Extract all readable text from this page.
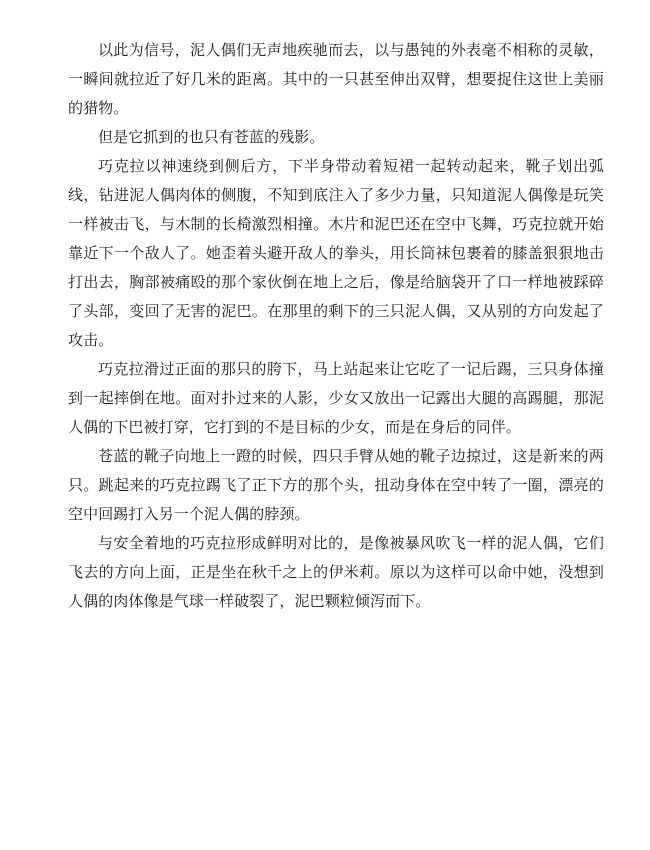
以此为信号，泥人偶们无声地疾驰而去，以与愚钝的外表毫不相称的灵敏，一瞬间就拉近了好几米的距离。其中的一只甚至伸出双臂，想要捉住这世上美丽的猎物。

但是它抓到的也只有苍蓝的残影。

巧克拉以神速绕到侧后方，下半身带动着短裙一起转动起来，靴子划出弧线，钻进泥人偶肉体的侧腹，不知到底注入了多少力量，只知道泥人偶像是玩笑一样被击飞，与木制的长椅激烈相撞。木片和泥巴还在空中飞舞，巧克拉就开始靠近下一个敌人了。她歪着头避开敌人的拳头，用长筒袜包裹着的膝盖狠狠地击打出去，胸部被痛殴的那个家伙倒在地上之后，像是给脑袋开了口一样地被踩碎了头部，变回了无害的泥巴。在那里的剩下的三只泥人偶，又从别的方向发起了攻击。

巧克拉滑过正面的那只的胯下，马上站起来让它吃了一记后踢，三只身体撞到一起摔倒在地。面对扑过来的人影，少女又放出一记露出大腿的高踢腿，那泥人偶的下巴被打穿，它打到的不是目标的少女，而是在身后的同伴。

苍蓝的靴子向地上一蹬的时候，四只手臂从她的靴子边掠过，这是新来的两只。跳起来的巧克拉踢飞了正下方的那个头，扭动身体在空中转了一圈，漂亮的空中回踢打入另一个泥人偶的脖颈。

与安全着地的巧克拉形成鲜明对比的，是像被暴风吹飞一样的泥人偶，它们飞去的方向上面，正是坐在秋千之上的伊米莉。原以为这样可以命中她，没想到人偶的肉体像是气球一样破裂了，泥巴颗粒倾泻而下。
